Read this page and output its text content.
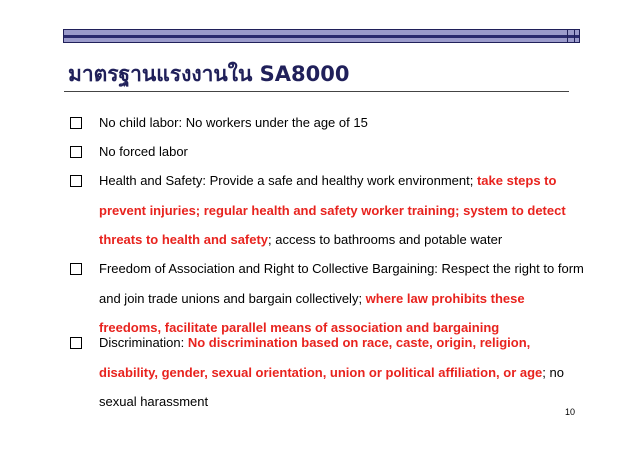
มาตรฐานแรงงานใน SA8000
No child labor: No workers under the age of 15
No forced labor
Health and Safety: Provide a safe and healthy work environment; take steps to prevent injuries; regular health and safety worker training; system to detect threats to health and safety; access to bathrooms and potable water
Freedom of Association and Right to Collective Bargaining: Respect the right to form and join trade unions and bargain collectively; where law prohibits these freedoms, facilitate parallel means of association and bargaining
Discrimination: No discrimination based on race, caste, origin, religion, disability, gender, sexual orientation, union or political affiliation, or age; no sexual harassment
10
